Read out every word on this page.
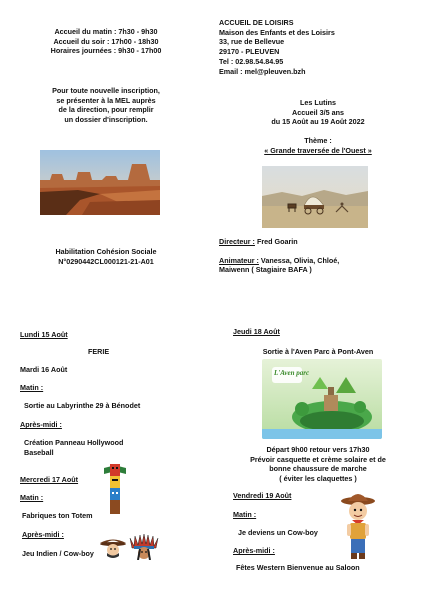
Accueil du matin : 7h30 - 9h30
Accueil du soir : 17h00 - 18h30
Horaires journées : 9h30 - 17h00
ACCUEIL DE LOISIRS
Maison des Enfants et des Loisirs
33, rue de Bellevue
29170 - PLEUVEN
Tel : 02.98.54.84.95
Email : mel@pleuven.bzh
Pour toute nouvelle inscription,
se présenter à la MEL auprès
de la direction, pour remplir
un dossier d'inscription.
Les Lutins
Accueil 3/5 ans
du 15 Août au 19 Août 2022
Thème :
« Grande traversée de l'Ouest »
Directeur : Fred Goarin
Animateur : Vanessa, Olivia, Chloé,
Maiwenn ( Stagiaire BAFA )
Habilitation Cohésion Sociale
N°0290442CL000121-21-A01
Lundi 15 Août
FERIE
Mardi 16 Août
Matin :
Sortie au Labyrinthe 29 à Bénodet
Après-midi :
Création Panneau Hollywood
Baseball
Mercredi 17 Août
Matin :
Fabriques ton Totem
Après-midi :
Jeu Indien / Cow-boy
Jeudi 18 Août
Sortie à l'Aven Parc à Pont-Aven
L'Aven parc
Départ 9h00 retour vers 17h30
Prévoir casquette et crème solaire et de
bonne chaussure de marche
( éviter les claquettes )
Vendredi 19 Août
Matin :
Je deviens un Cow-boy
Après-midi :
Fêtes Western Bienvenue au Saloon
